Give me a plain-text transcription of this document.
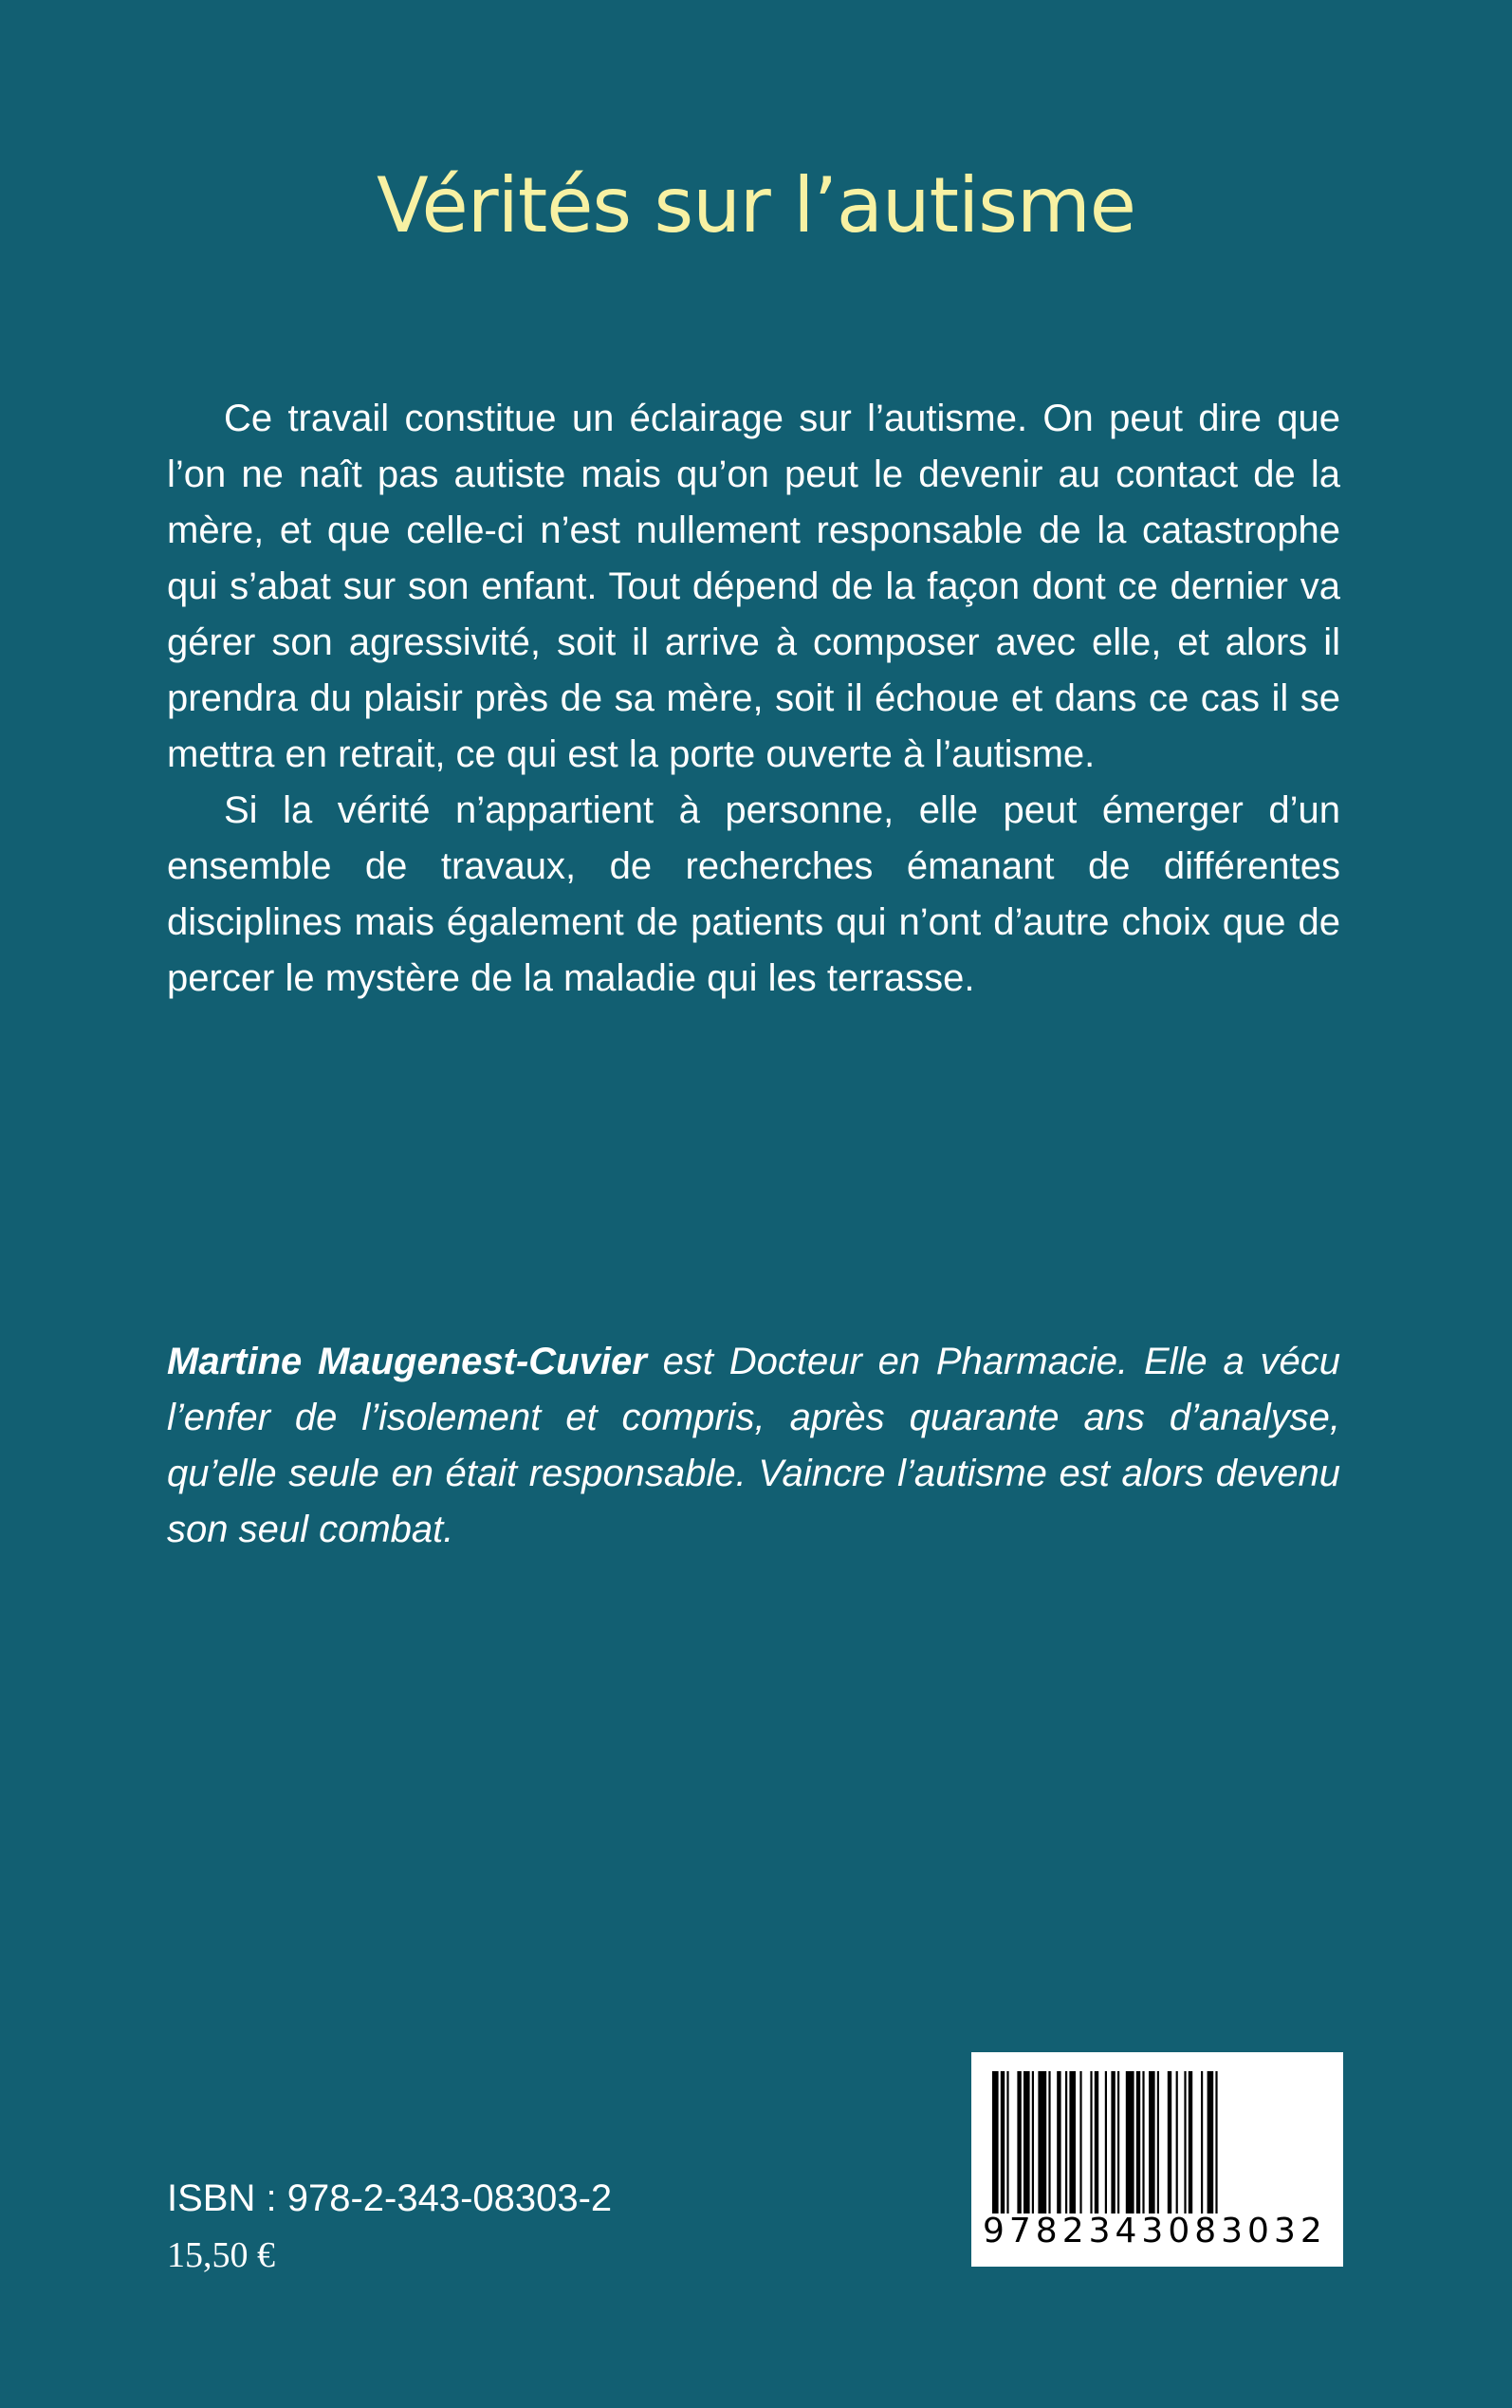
Vérités sur l’autisme

Ce travail constitue un éclairage sur l’autisme. On peut dire que l’on ne naît pas autiste mais qu’on peut le devenir au contact de la mère, et que celle-ci n’est nullement responsable de la catastrophe qui s’abat sur son enfant. Tout dépend de la façon dont ce dernier va gérer son agressivité, soit il arrive à composer avec elle, et alors il prendra du plaisir près de sa mère, soit il échoue et dans ce cas il se mettra en retrait, ce qui est la porte ouverte à l’autisme.

Si la vérité n’appartient à personne, elle peut émerger d’un ensemble de travaux, de recherches émanant de différentes disciplines mais également de patients qui n’ont d’autre choix que de percer le mystère de la maladie qui les terrasse.

Martine Maugenest-Cuvier est Docteur en Pharmacie. Elle a vécu l’enfer de l’isolement et compris, après quarante ans d’analyse, qu’elle seule en était responsable. Vaincre l’autisme est alors devenu son seul combat.

ISBN : 978-2-343-08303-2
15,50 €
9782343083032
